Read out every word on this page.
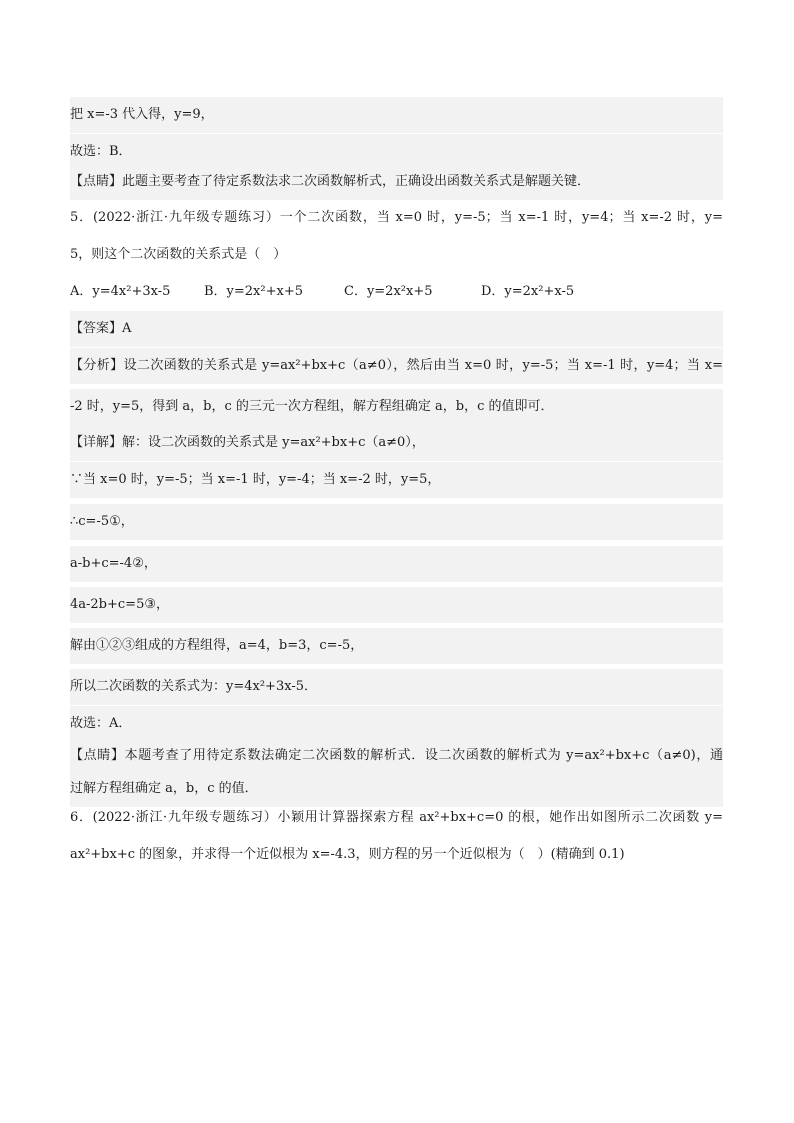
把 x=-3 代入得，y=9，
故选：B．
【点睛】此题主要考查了待定系数法求二次函数解析式，正确设出函数关系式是解题关键．
5．(2022·浙江·九年级专题练习）一个二次函数，当 x=0 时，y=-5；当 x=-1 时，y=4；当 x=-2 时，y=
5，则这个二次函数的关系式是（　）
A．y=4x²+3x-5	B．y=2x²+x+5	C．y=2x²x+5	D．y=2x²+x-5
【答案】A
【分析】设二次函数的关系式是 y=ax²+bx+c（a≠0），然后由当 x=0 时，y=-5；当 x=-1 时，y=4；当 x=
-2 时，y=5，得到 a，b，c 的三元一次方程组，解方程组确定 a，b，c 的值即可．
【详解】解：设二次函数的关系式是 y=ax²+bx+c（a≠0），
∵当 x=0 时，y=-5；当 x=-1 时，y=-4；当 x=-2 时，y=5，
∴c=-5①，
a-b+c=-4②，
4a-2b+c=5③，
解由①②③组成的方程组得，a=4，b=3，c=-5，
所以二次函数的关系式为：y=4x²+3x-5．
故选：A．
【点睛】本题考查了用待定系数法确定二次函数的解析式．设二次函数的解析式为 y=ax²+bx+c（a≠0)，通
过解方程组确定 a，b，c 的值．
6．(2022·浙江·九年级专题练习）小颖用计算器探索方程 ax²+bx+c=0 的根，她作出如图所示二次函数 y=
ax²+bx+c 的图象，并求得一个近似根为 x=-4.3，则方程的另一个近似根为（　）(精确到 0.1)
